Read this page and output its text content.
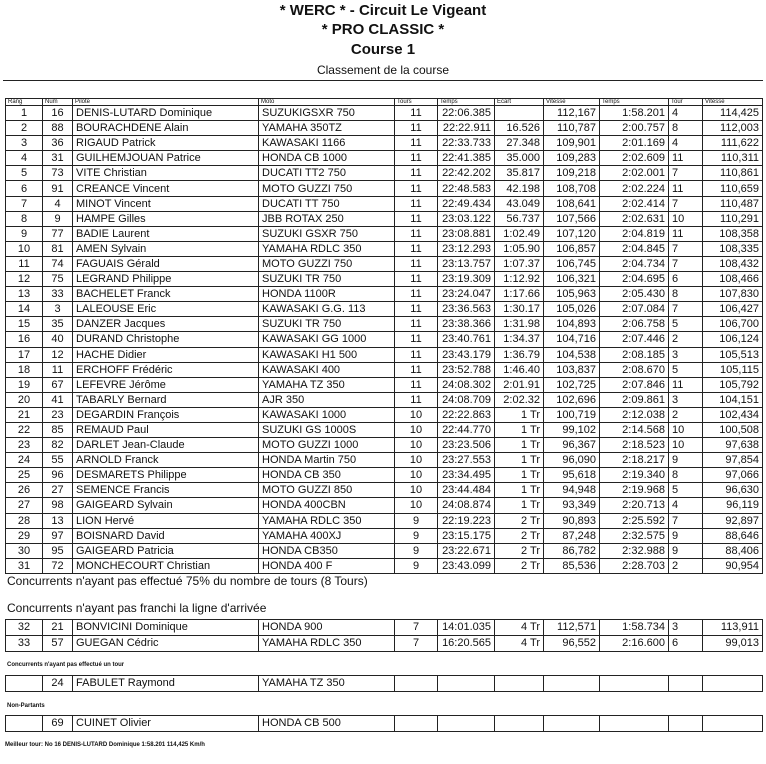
* WERC * - Circuit Le Vigeant
* PRO CLASSIC *
Course 1
Classement de la course
Rang	Num	Pilote	Moto	Tours	Temps	Ecart	Vitesse	Temps	Tour	Vitesse
1	16	DENIS-LUTARD Dominique	SUZUKIGSXR 750	11	22:06.385		112,167	1:58.201	4	114,425
2	88	BOURACHDENE Alain	YAMAHA 350TZ	11	22:22.911	16.526	110,787	2:00.757	8	112,003
3	36	RIGAUD Patrick	KAWASAKI 1166	11	22:33.733	27.348	109,901	2:01.169	4	111,622
4	31	GUILHEMJOUAN Patrice	HONDA CB 1000	11	22:41.385	35.000	109,283	2:02.609	11	110,311
5	73	VITE Christian	DUCATI TT2 750	11	22:42.202	35.817	109,218	2:02.001	7	110,861
6	91	CREANCE Vincent	MOTO GUZZI 750	11	22:48.583	42.198	108,708	2:02.224	11	110,659
7	4	MINOT Vincent	DUCATI TT 750	11	22:49.434	43.049	108,641	2:02.414	7	110,487
8	9	HAMPE Gilles	JBB ROTAX 250	11	23:03.122	56.737	107,566	2:02.631	10	110,291
9	77	BADIE Laurent	SUZUKI GSXR 750	11	23:08.881	1:02.49	107,120	2:04.819	11	108,358
10	81	AMEN Sylvain	YAMAHA RDLC 350	11	23:12.293	1:05.90	106,857	2:04.845	7	108,335
11	74	FAGUAIS Gérald	MOTO GUZZI 750	11	23:13.757	1:07.37	106,745	2:04.734	7	108,432
12	75	LEGRAND Philippe	SUZUKI TR 750	11	23:19.309	1:12.92	106,321	2:04.695	6	108,466
13	33	BACHELET Franck	HONDA 1100R	11	23:24.047	1:17.66	105,963	2:05.430	8	107,830
14	3	LALEOUSE Eric	KAWASAKI G.G. 113	11	23:36.563	1:30.17	105,026	2:07.084	7	106,427
15	35	DANZER Jacques	SUZUKI TR 750	11	23:38.366	1:31.98	104,893	2:06.758	5	106,700
16	40	DURAND Christophe	KAWASAKI GG 1000	11	23:40.761	1:34.37	104,716	2:07.446	2	106,124
17	12	HACHE Didier	KAWASAKI H1 500	11	23:43.179	1:36.79	104,538	2:08.185	3	105,513
18	11	ERCHOFF Frédéric	KAWASAKI 400	11	23:52.788	1:46.40	103,837	2:08.670	5	105,115
19	67	LEFEVRE Jérôme	YAMAHA TZ 350	11	24:08.302	2:01.91	102,725	2:07.846	11	105,792
20	41	TABARLY Bernard	AJR 350	11	24:08.709	2:02.32	102,696	2:09.861	3	104,151
21	23	DEGARDIN François	KAWASAKI 1000	10	22:22.863	1 Tr	100,719	2:12.038	2	102,434
22	85	REMAUD Paul	SUZUKI GS 1000S	10	22:44.770	1 Tr	99,102	2:14.568	10	100,508
23	82	DARLET Jean-Claude	MOTO GUZZI 1000	10	23:23.506	1 Tr	96,367	2:18.523	10	97,638
24	55	ARNOLD Franck	HONDA Martin 750	10	23:27.553	1 Tr	96,090	2:18.217	9	97,854
25	96	DESMARETS Philippe	HONDA CB 350	10	23:34.495	1 Tr	95,618	2:19.340	8	97,066
26	27	SEMENCE Francis	MOTO GUZZI 850	10	23:44.484	1 Tr	94,948	2:19.968	5	96,630
27	98	GAIGEARD Sylvain	HONDA 400CBN	10	24:08.874	1 Tr	93,349	2:20.713	4	96,119
28	13	LION Hervé	YAMAHA RDLC 350	9	22:19.223	2 Tr	90,893	2:25.592	7	92,897
29	97	BOISNARD David	YAMAHA 400XJ	9	23:15.175	2 Tr	87,248	2:32.575	9	88,646
30	95	GAIGEARD Patricia	HONDA CB350	9	23:22.671	2 Tr	86,782	2:32.988	9	88,406
31	72	MONCHECOURT Christian	HONDA 400 F	9	23:43.099	2 Tr	85,536	2:28.703	2	90,954
Concurrents n'ayant pas effectué 75% du nombre de tours (8 Tours)
Concurrents n'ayant pas franchi la ligne d'arrivée
32	21	BONVICINI Dominique	HONDA 900	7	14:01.035	4 Tr	112,571	1:58.734	3	113,911
33	57	GUEGAN Cédric	YAMAHA RDLC 350	7	16:20.565	4 Tr	96,552	2:16.600	6	99,013
Concurrents n'ayant pas effectué un tour
	24	FABULET Raymond	YAMAHA TZ 350							
Non-Partants
	69	CUINET Olivier	HONDA CB 500							
Meilleur tour: No 16 DENIS-LUTARD Dominique 1:58.201 114,425 Km/h
